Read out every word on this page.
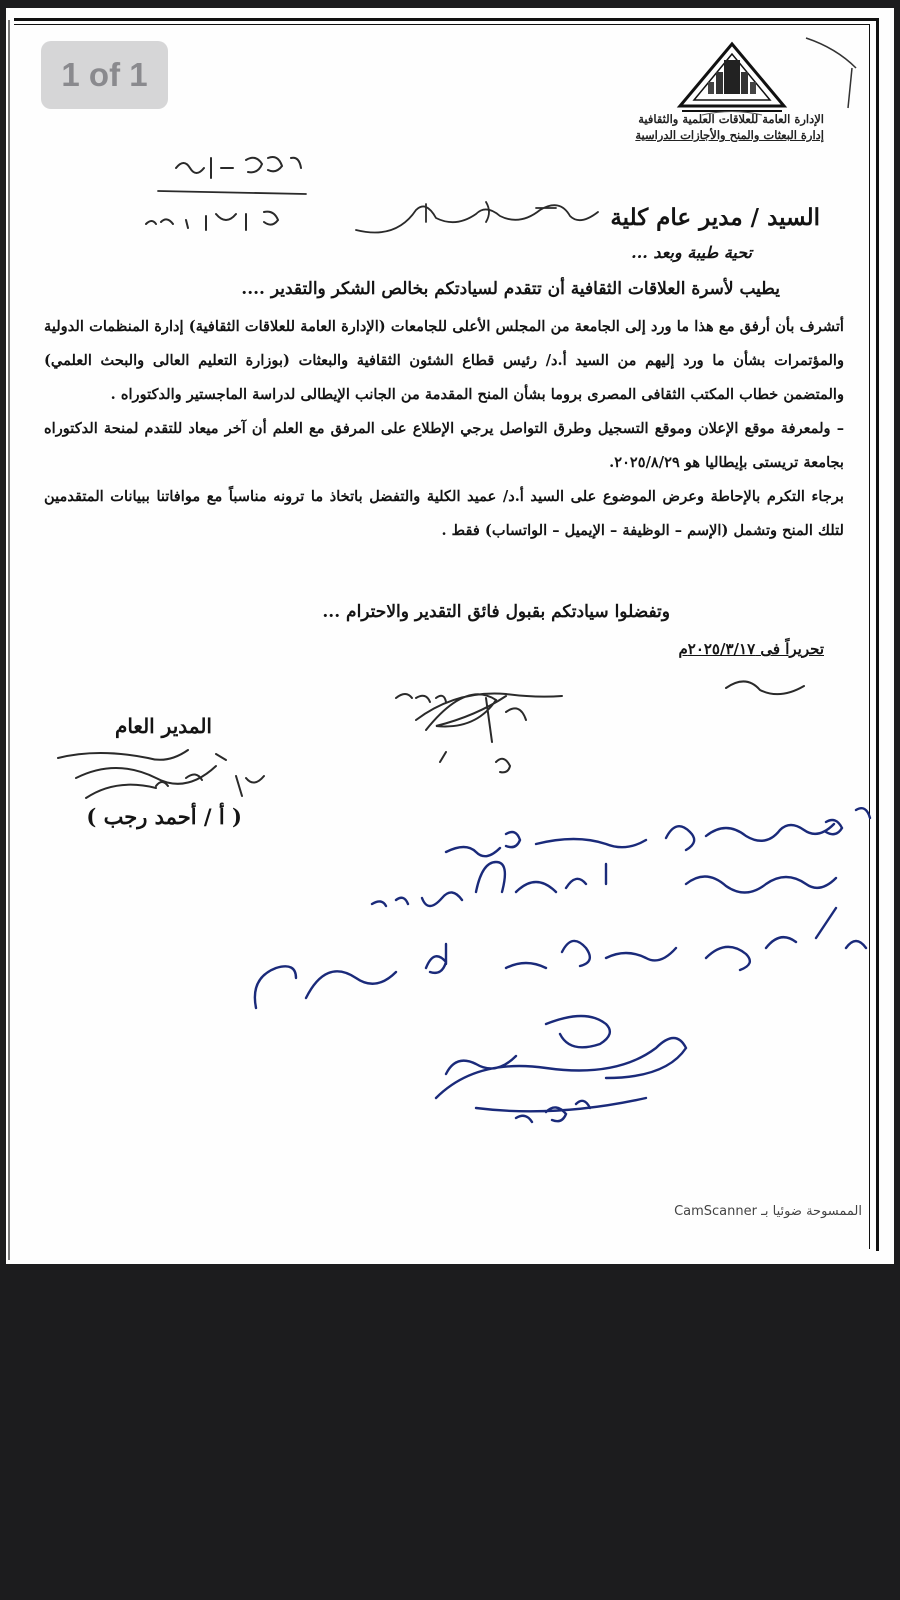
الإدارة العامة للعلاقات العلمية والثقافية
إدارة البعثات والمنح والأجازات الدراسية
السيد / مدير عام كلية
تحية طيبة وبعد ...
يطيب لأسرة العلاقات الثقافية أن تتقدم لسيادتكم بخالص الشكر والتقدير ....

أتشرف بأن أرفق مع هذا ما ورد إلى الجامعة من المجلس الأعلى للجامعات (الإدارة العامة للعلاقات الثقافية) إدارة المنظمات الدولية والمؤتمرات بشأن ما ورد إليهم من السيد أ.د/ رئيس قطاع الشئون الثقافية والبعثات (بوزارة التعليم العالى والبحث العلمي) والمتضمن خطاب المكتب الثقافى المصرى بروما بشأن المنح المقدمة من الجانب الإيطالى لدراسة الماجستير والدكتوراه .

– ولمعرفة موقع الإعلان وموقع التسجيل وطرق التواصل يرجي الإطلاع على المرفق مع العلم أن آخر ميعاد للتقدم لمنحة الدكتوراه بجامعة تريستى بإيطاليا هو ٢٠٢٥/٨/٢٩.

برجاء التكرم بالإحاطة وعرض الموضوع على السيد أ.د/ عميد الكلية والتفضل باتخاذ ما ترونه مناسباً مع موافاتنا ببيانات المتقدمين لتلك المنح وتشمل (الإسم – الوظيفة – الإيميل – الواتساب) فقط .

وتفضلوا سيادتكم بقبول فائق التقدير والاحترام ...
تحريراً فى ٢٠٢٥/٣/١٧م
المدير العام
( أ / أحمد رجب )
الممسوحة ضوئيا بـ CamScanner
1 of 1
